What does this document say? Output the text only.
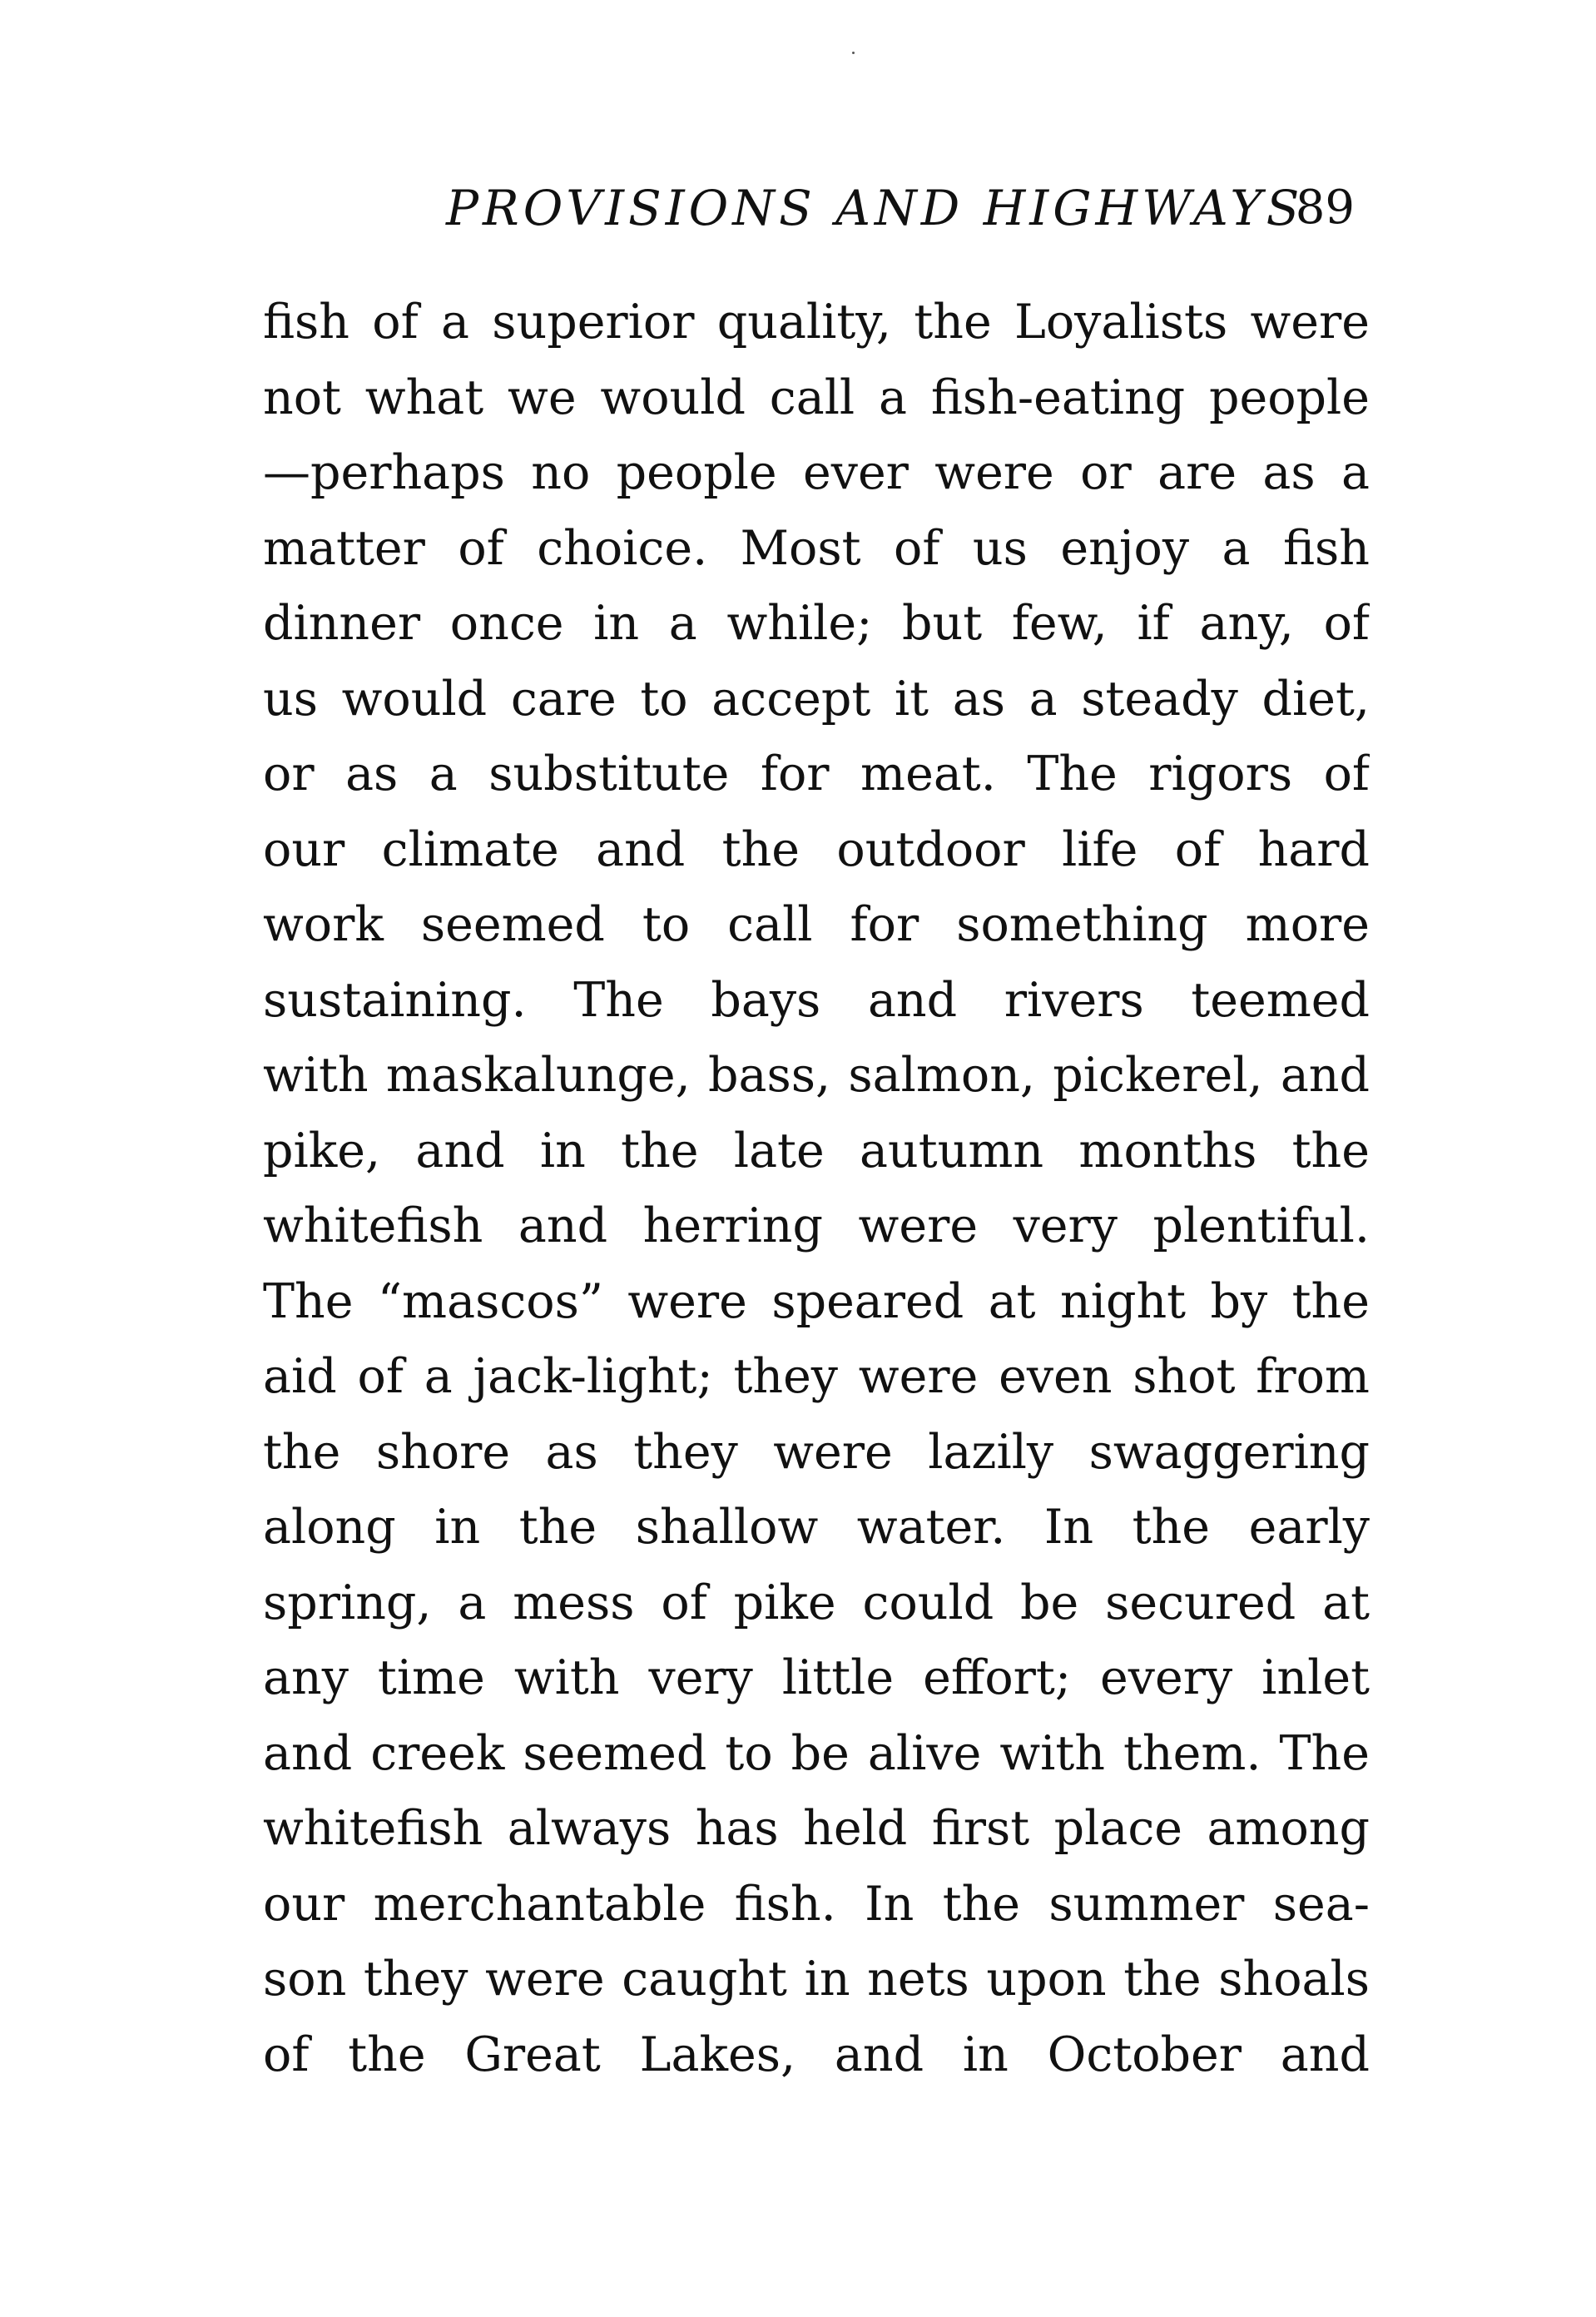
PROVISIONS AND HIGHWAYS
89
fish of a superior quality, the Loyalists were
not what we would call a fish-eating people
—perhaps no people ever were or are as a
matter of choice. Most of us enjoy a fish
dinner once in a while; but few, if any, of
us would care to accept it as a steady diet,
or as a substitute for meat. The rigors of
our climate and the outdoor life of hard
work seemed to call for something more
sustaining. The bays and rivers teemed
with maskalunge, bass, salmon, pickerel, and
pike, and in the late autumn months the
whitefish and herring were very plentiful.
The “mascos” were speared at night by the
aid of a jack-light; they were even shot from
the shore as they were lazily swaggering
along in the shallow water. In the early
spring, a mess of pike could be secured at
any time with very little effort; every inlet
and creek seemed to be alive with them. The
whitefish always has held first place among
our merchantable fish. In the summer sea-
son they were caught in nets upon the shoals
of the Great Lakes, and in October and
